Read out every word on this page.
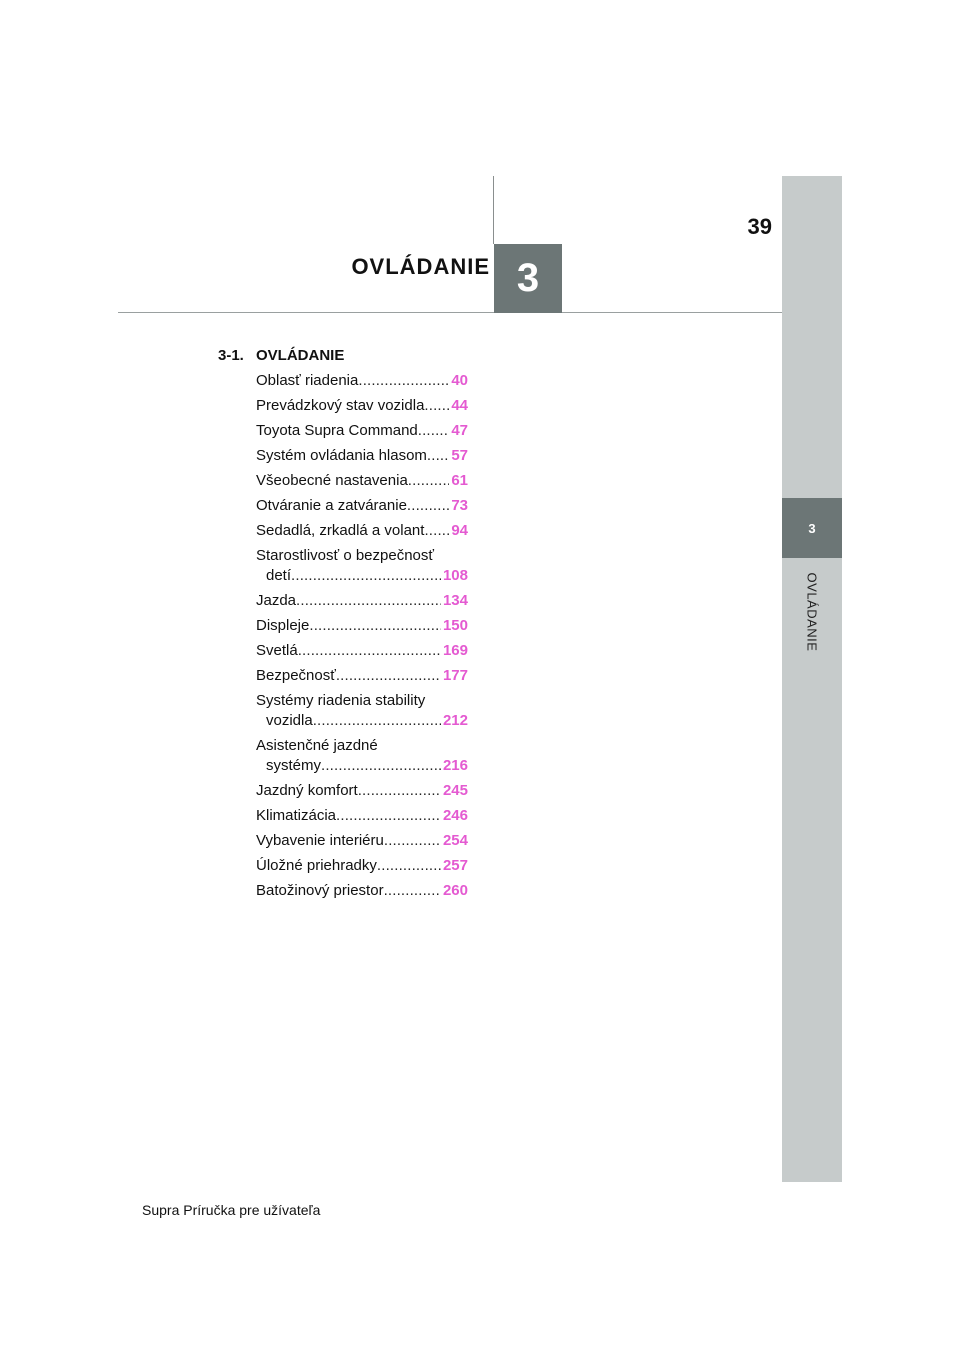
3
OVLÁDANIE
3
OVLÁDANIE
39
3-1. OVLÁDANIE
Oblasť riadenia . . .	40
Prevádzkový stav vozidla . . . 44
Toyota Supra Command . . . 47
Systém ovládania hlasom . . . 57
Všeobecné nastavenia . . .	61
Otváranie a zatváranie . . .	73
Sedadlá, zrkadlá a volant . . . 94
Starostlivosť o bezpečnosť
detí . . .	108
Jazda . . .	134
Displeje . . .	150
Svetlá . . .	169
Bezpečnosť . . .	177
Systémy riadenia stability
vozidla . . .	212
Asistenčné jazdné
systémy . . .	216
Jazdný komfort . . .	245
Klimatizácia . . .	246
Vybavenie interiéru . . .	254
Úložné priehradky . . .	257
Batožinový priestor . . .	260
Supra Príručka pre užívateľa
